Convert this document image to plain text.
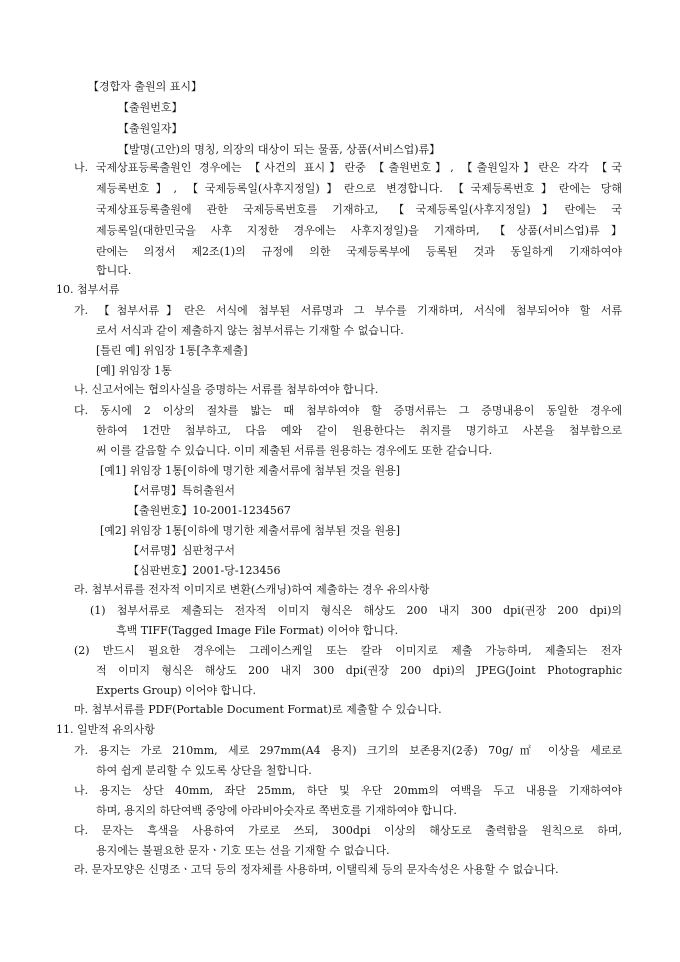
【경합자 출원의 표시】
【출원번호】
【출원일자】
【발명(고안)의 명칭, 의장의 대상이 되는 물품, 상품(서비스업)류】
나. 국제상표등록출원인 경우에는 【사건의 표시】란중 【출원번호】, 【출원일자】란은 각각 【국
제등록번호】, 【국제등록일(사후지정일)】란으로 변경합니다. 【국제등록번호】란에는 당해
국제상표등록출원에 관한 국제등록번호를 기재하고, 【국제등록일(사후지정일)】란에는 국
제등록일(대한민국을 사후 지정한 경우에는 사후지정일)을 기재하며, 【상품(서비스업)류】
란에는 의정서 제2조(1)의 규정에 의한 국제등록부에 등록된 것과 동일하게 기재하여야
합니다.
10. 첨부서류
가. 【첨부서류】란은 서식에 첨부된 서류명과 그 부수를 기재하며, 서식에 첨부되어야 할 서류
로서 서식과 같이 제출하지 않는 첨부서류는 기재할 수 없습니다.
[틀린 예] 위임장 1통[추후제출]
[예] 위임장 1통
나. 신고서에는 협의사실을 증명하는 서류를 첨부하여야 합니다.
다. 동시에 2 이상의 절차를 밟는 때 첨부하여야 할 증명서류는 그 증명내용이 동일한 경우에
한하여 1건만 첨부하고, 다음 예와 같이 원용한다는 취지를 명기하고 사본을 첨부함으로
써 이를 갈음할 수 있습니다. 이미 제출된 서류를 원용하는 경우에도 또한 같습니다.
[예1] 위임장 1통[이하에 명기한 제출서류에 첨부된 것을 원용]
【서류명】특허출원서
【출원번호】10-2001-1234567
[예2] 위임장 1통[이하에 명기한 제출서류에 첨부된 것을 원용]
【서류명】심판청구서
【심판번호】2001-당-123456
라. 첨부서류를 전자적 이미지로 변환(스캐닝)하여 제출하는 경우 유의사항
(1) 첨부서류로 제출되는 전자적 이미지 형식은 해상도 200 내지 300 dpi(권장 200 dpi)의
흑백 TIFF(Tagged Image File Format) 이어야 합니다.
(2) 반드시 필요한 경우에는 그레이스케일 또는 칼라 이미지로 제출 가능하며, 제출되는 전자
적 이미지 형식은 해상도 200 내지 300 dpi(권장 200 dpi)의 JPEG(Joint Photographic
Experts Group) 이어야 합니다.
마. 첨부서류를 PDF(Portable Document Format)로 제출할 수 있습니다.
11. 일반적 유의사항
가. 용지는 가로 210mm, 세로 297mm(A4 용지) 크기의 보존용지(2종) 70g/㎡ 이상을 세로로
하여 쉽게 분리할 수 있도록 상단을 철합니다.
나. 용지는 상단 40mm, 좌단 25mm, 하단 및 우단 20mm의 여백을 두고 내용을 기재하여야
하며, 용지의 하단여백 중앙에 아라비아숫자로 쪽번호를 기재하여야 합니다.
다. 문자는 흑색을 사용하여 가로로 쓰되, 300dpi 이상의 해상도로 출력함을 원칙으로 하며,
용지에는 불필요한 문자ㆍ기호 또는 선을 기재할 수 없습니다.
라. 문자모양은 신명조ㆍ고딕 등의 정자체를 사용하며, 이탤릭체 등의 문자속성은 사용할 수 없습니다.
